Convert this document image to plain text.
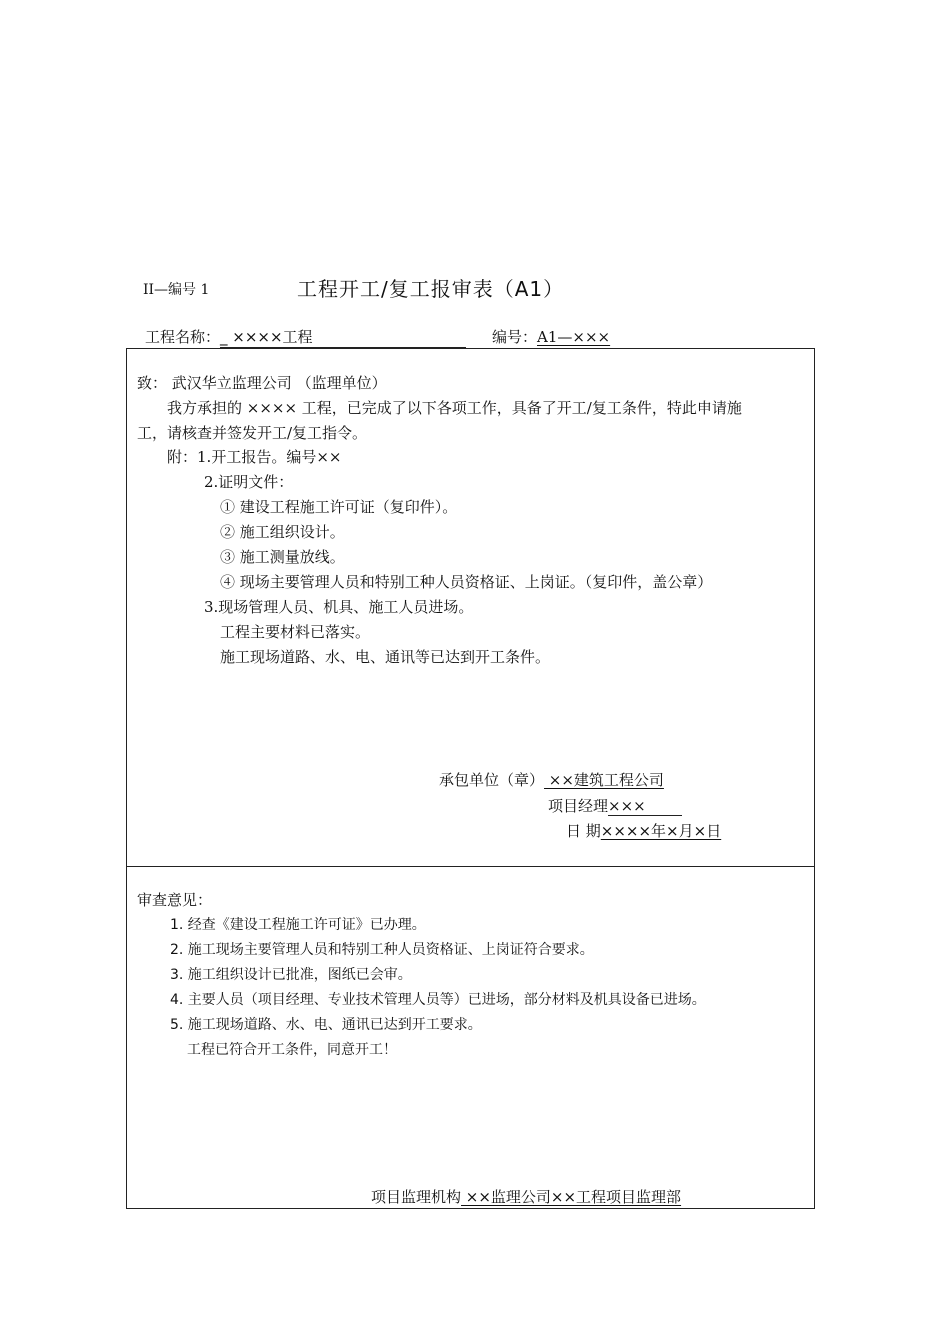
II—编号 1	工程开工/复工报审表（A1）
工程名称：_ ××××工程	编号：A1—×××
致： 武汉华立监理公司 （监理单位）
我方承担的 ×××× 工程，已完成了以下各项工作，具备了开工/复工条件，特此申请施
工，请核查并签发开工/复工指令。
附：1.开工报告。编号××
2.证明文件：
① 建设工程施工许可证（复印件）。
② 施工组织设计。
③ 施工测量放线。
④ 现场主要管理人员和特别工种人员资格证、上岗证。（复印件，盖公章）
3.现场管理人员、机具、施工人员进场。
工程主要材料已落实。
施工现场道路、水、电、通讯等已达到开工条件。
承包单位（章） ××建筑工程公司
项目经理×××
日 期××××年×月×日
审查意见：
1. 经查《建设工程施工许可证》已办理。
2. 施工现场主要管理人员和特别工种人员资格证、上岗证符合要求。
3. 施工组织设计已批准，图纸已会审。
4. 主要人员（项目经理、专业技术管理人员等）已进场，部分材料及机具设备已进场。
5. 施工现场道路、水、电、通讯已达到开工要求。
工程已符合开工条件，同意开工！
项目监理机构 ××监理公司××工程项目监理部
